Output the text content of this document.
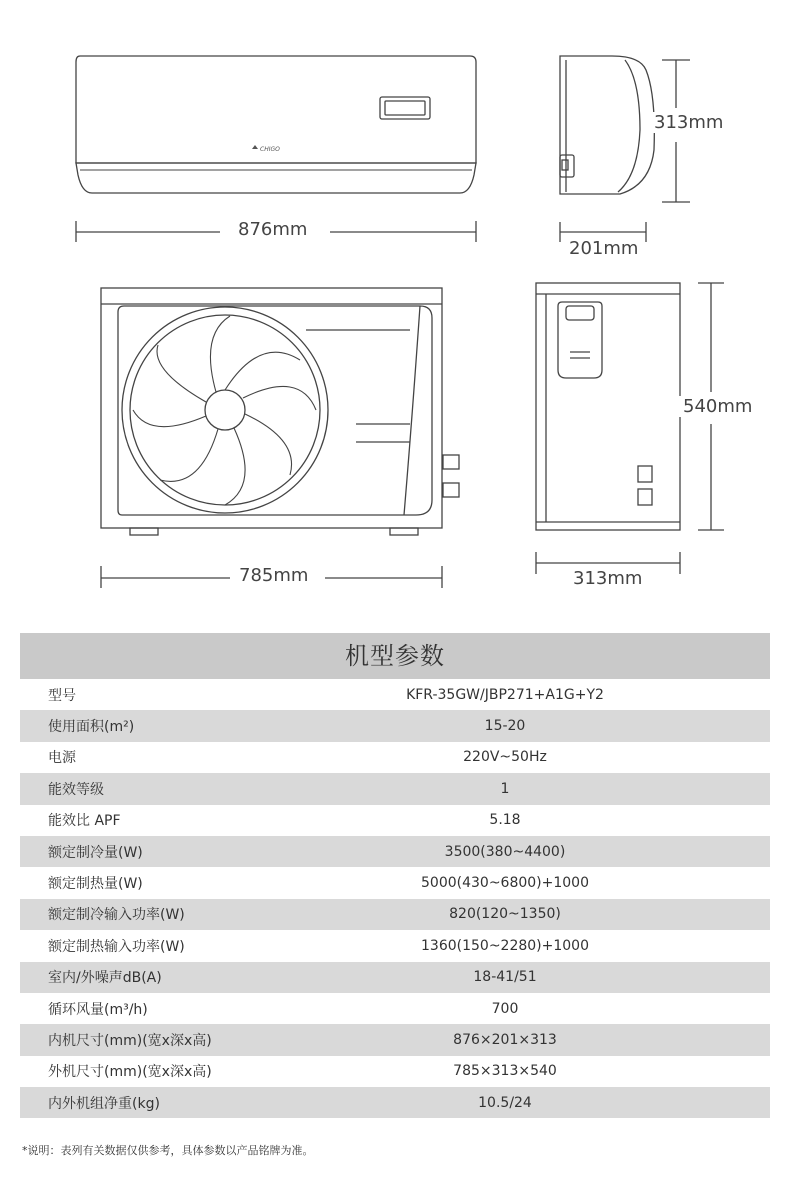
CHIGO
876mm
313mm
201mm
785mm
540mm
313mm
机型参数
型号	KFR-35GW/JBP271+A1G+Y2
使用面积(m²)	15-20
电源	220V~50Hz
能效等级	1
能效比 APF	5.18
额定制冷量(W)	3500(380~4400)
额定制热量(W)	5000(430~6800)+1000
额定制冷输入功率(W)	820(120~1350)
额定制热输入功率(W)	1360(150~2280)+1000
室内/外噪声dB(A)	18-41/51
循环风量(m³/h)	700
内机尺寸(mm)(宽x深x高)	876×201×313
外机尺寸(mm)(宽x深x高)	785×313×540
内外机组净重(kg)	10.5/24
*说明：表列有关数据仅供参考，具体参数以产品铭牌为准。
